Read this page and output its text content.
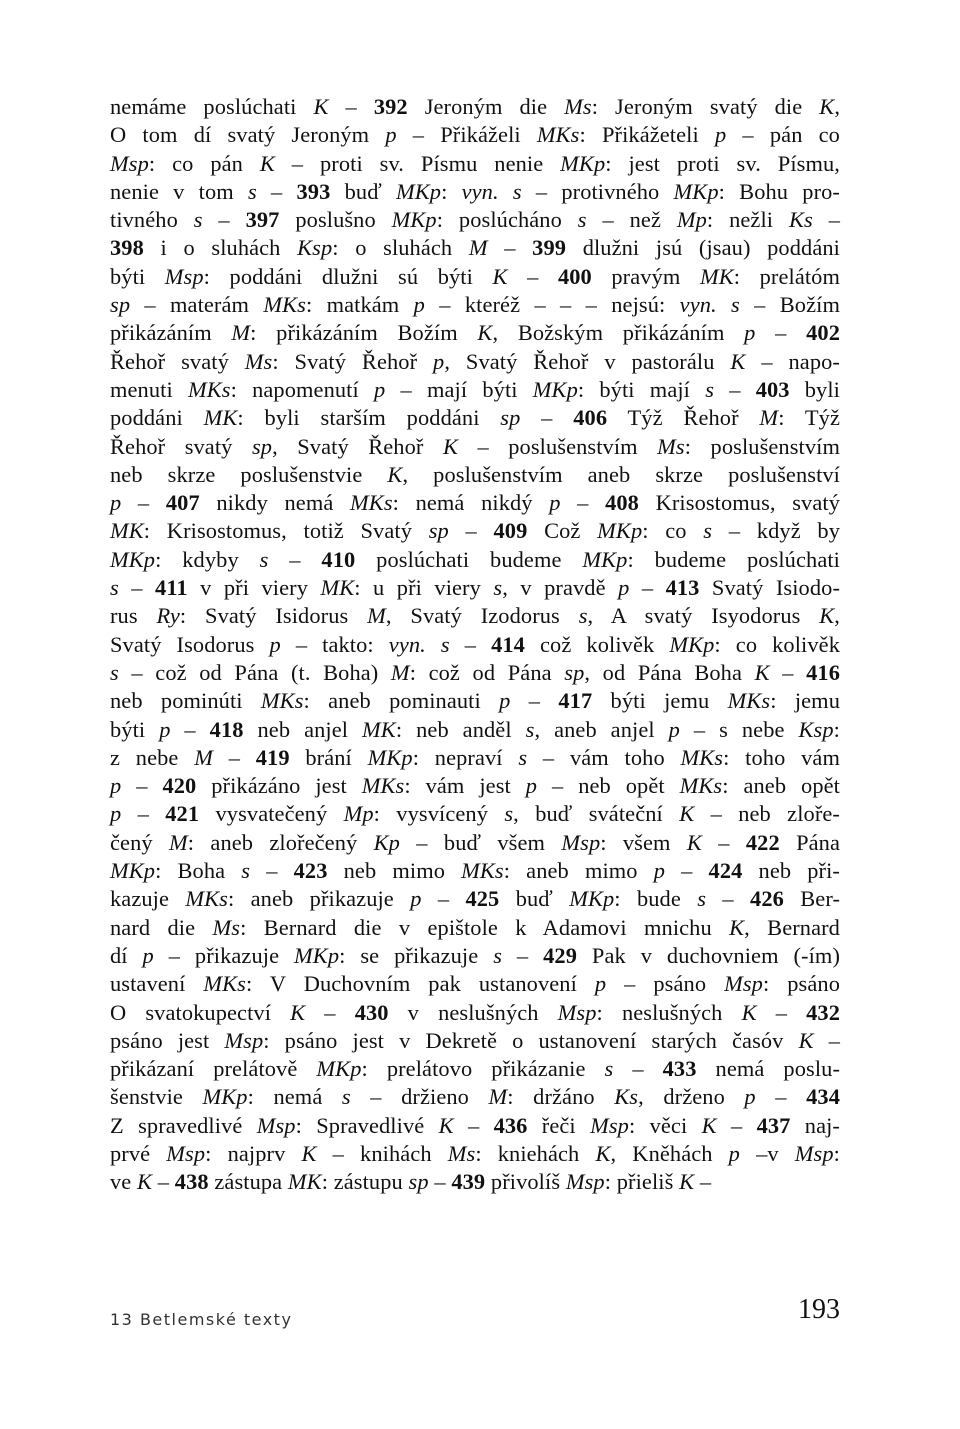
nemáme poslúchati K – 392 Jeroným die Ms: Jeroným svatý die K,
O tom dí svatý Jeroným p – Přikáželi MKs: Přikážeteli p – pán co
Msp: co pán K – proti sv. Písmu nenie MKp: jest proti sv. Písmu,
nenie v tom s – 393 buď MKp: vyn. s – protivného MKp: Bohu pro-
tivného s – 397 poslušno MKp: poslúcháno s – než Mp: nežli Ks –
398 i o sluhách Ksp: o sluhách M – 399 dlužni jsú (jsau) poddáni
býti Msp: poddáni dlužni sú býti K – 400 pravým MK: prelátóm
sp – materám MKs: matkám p – kteréž – – – nejsú: vyn. s – Božím
přikázáním M: přikázáním Božím K, Božským přikázáním p – 402
Řehoř svatý Ms: Svatý Řehoř p, Svatý Řehoř v pastorálu K – napo-
menuti MKs: napomenutí p – mají býti MKp: býti mají s – 403 byli
poddáni MK: byli starším poddáni sp – 406 Týž Řehoř M: Týž
Řehoř svatý sp, Svatý Řehoř K – poslušenstvím Ms: poslušenstvím
neb skrze poslušenstvie K, poslušenstvím aneb skrze poslušenství
p – 407 nikdy nemá MKs: nemá nikdý p – 408 Krisostomus, svatý
MK: Krisostomus, totiž Svatý sp – 409 Což MKp: co s – když by
MKp: kdyby s – 410 poslúchati budeme MKp: budeme poslúchati
s – 411 v při viery MK: u při viery s, v pravdě p – 413 Svatý Isiodo-
rus Ry: Svatý Isidorus M, Svatý Izodorus s, A svatý Isyodorus K,
Svatý Isodorus p – takto: vyn. s – 414 což kolivěk MKp: co kolivěk
s – což od Pána (t. Boha) M: což od Pána sp, od Pána Boha K – 416
neb pominúti MKs: aneb pominauti p – 417 býti jemu MKs: jemu
býti p – 418 neb anjel MK: neb anděl s, aneb anjel p – s nebe Ksp:
z nebe M – 419 brání MKp: nepraví s – vám toho MKs: toho vám
p – 420 přikázáno jest MKs: vám jest p – neb opět MKs: aneb opět
p – 421 vysvatečený Mp: vysvícený s, buď sváteční K – neb zloře-
čený M: aneb zlořečený Kp – buď všem Msp: všem K – 422 Pána
MKp: Boha s – 423 neb mimo MKs: aneb mimo p – 424 neb při-
kazuje MKs: aneb přikazuje p – 425 buď MKp: bude s – 426 Ber-
nard die Ms: Bernard die v epištole k Adamovi mnichu K, Bernard
dí p – přikazuje MKp: se přikazuje s – 429 Pak v duchovniem (-ím)
ustavení MKs: V Duchovním pak ustanovení p – psáno Msp: psáno
O svatokupectví K – 430 v neslušných Msp: neslušných K – 432
psáno jest Msp: psáno jest v Dekretě o ustanovení starých časóv K –
přikázaní prelátově MKp: prelátovo přikázanie s – 433 nemá poslu-
šenstvie MKp: nemá s – držieno M: držáno Ks, drženo p – 434
Z spravedlivé Msp: Spravedlivé K – 436 řeči Msp: věci K – 437 naj-
prvé Msp: najprv K – knihách Ms: kniehách K, Kněhách p –v Msp:
ve K – 438 zástupa MK: zástupu sp – 439 přivolíš Msp: přieliš K –
13 Betlemské texty	193
